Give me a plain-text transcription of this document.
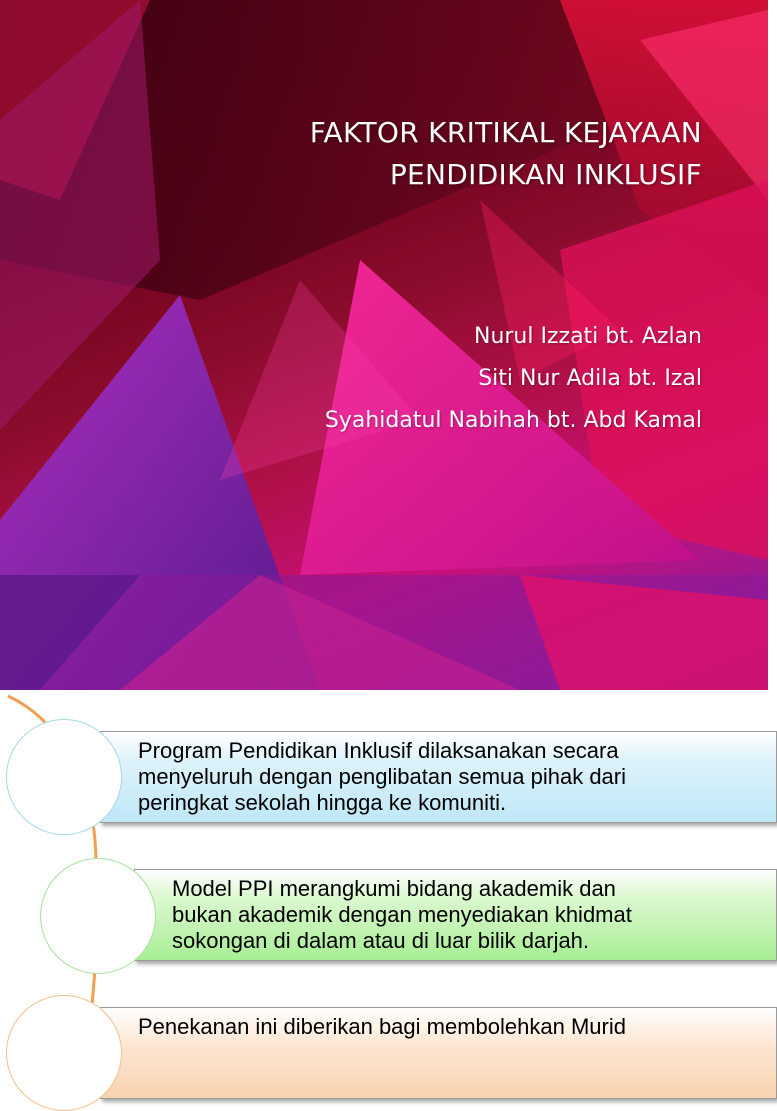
FAKTOR KRITIKAL KEJAYAAN
PENDIDIKAN INKLUSIF
Nurul Izzati bt. Azlan
Siti Nur Adila bt. Izal
Syahidatul Nabihah bt. Abd Kamal
Program Pendidikan Inklusif dilaksanakan secara
menyeluruh dengan penglibatan semua pihak dari
peringkat sekolah hingga ke komuniti.
Model PPI merangkumi bidang akademik dan
bukan akademik dengan menyediakan khidmat
sokongan di dalam atau di luar bilik darjah.
Penekanan ini diberikan bagi membolehkan Murid
